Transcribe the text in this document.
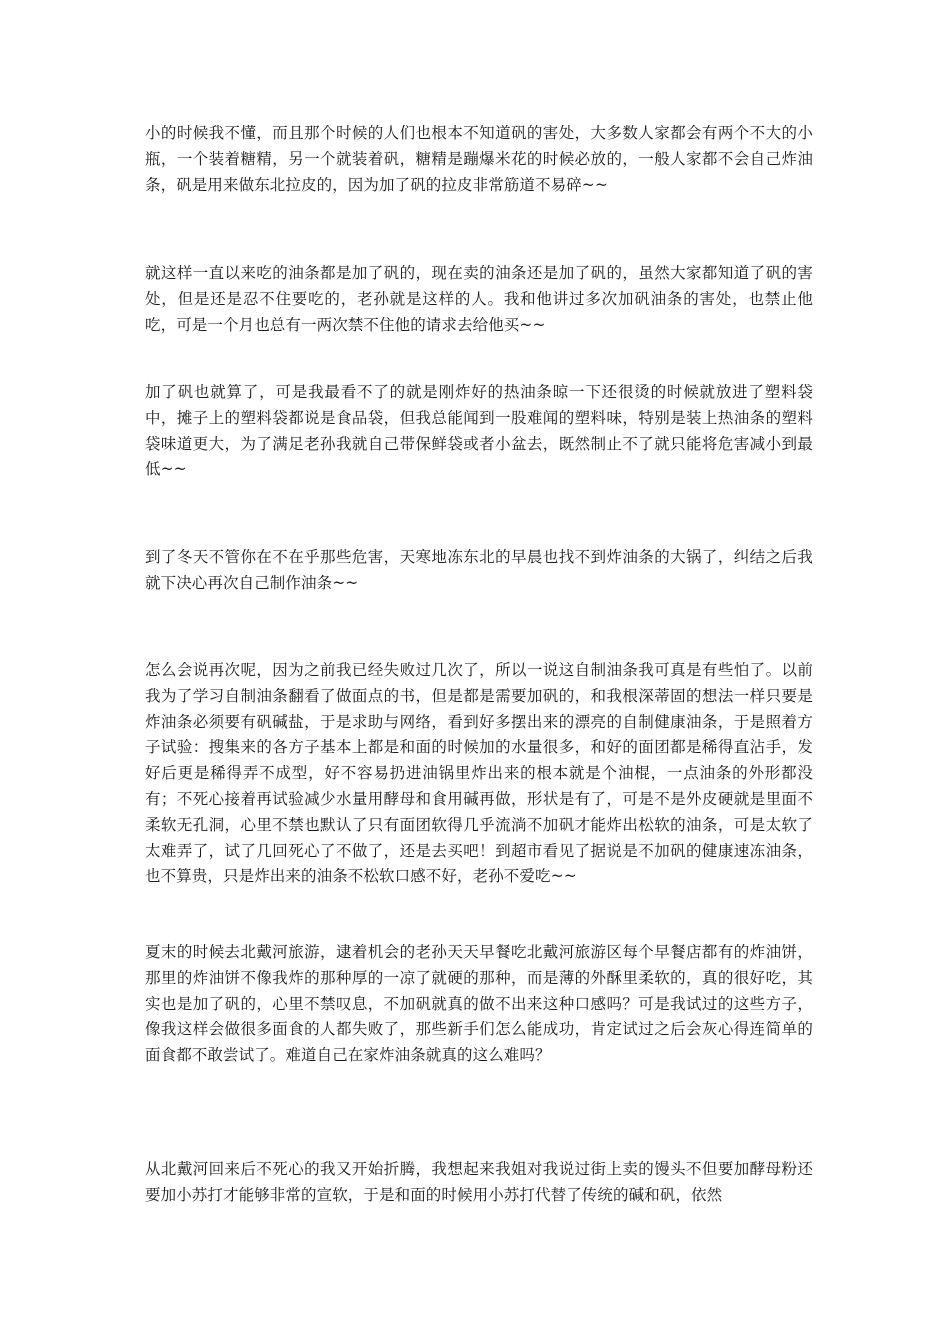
小的时候我不懂，而且那个时候的人们也根本不知道矾的害处，大多数人家都会有两个不大的小瓶，一个装着糖精，另一个就装着矾，糖精是蹦爆米花的时候必放的，一般人家都不会自己炸油条，矾是用来做东北拉皮的，因为加了矾的拉皮非常筋道不易碎~~

就这样一直以来吃的油条都是加了矾的，现在卖的油条还是加了矾的，虽然大家都知道了矾的害处，但是还是忍不住要吃的，老孙就是这样的人。我和他讲过多次加矾油条的害处，也禁止他吃，可是一个月也总有一两次禁不住他的请求去给他买~~

加了矾也就算了，可是我最看不了的就是刚炸好的热油条晾一下还很烫的时候就放进了塑料袋中，摊子上的塑料袋都说是食品袋，但我总能闻到一股难闻的塑料味，特别是装上热油条的塑料袋味道更大，为了满足老孙我就自己带保鲜袋或者小盆去，既然制止不了就只能将危害减小到最低~~

到了冬天不管你在不在乎那些危害，天寒地冻东北的早晨也找不到炸油条的大锅了，纠结之后我就下决心再次自己制作油条~~

怎么会说再次呢，因为之前我已经失败过几次了，所以一说这自制油条我可真是有些怕了。以前我为了学习自制油条翻看了做面点的书，但是都是需要加矾的，和我根深蒂固的想法一样只要是炸油条必须要有矾碱盐，于是求助与网络，看到好多摆出来的漂亮的自制健康油条，于是照着方子试验：搜集来的各方子基本上都是和面的时候加的水量很多，和好的面团都是稀得直沾手，发好后更是稀得弄不成型，好不容易扔进油锅里炸出来的根本就是个油棍，一点油条的外形都没有；不死心接着再试验减少水量用酵母和食用碱再做，形状是有了，可是不是外皮硬就是里面不柔软无孔洞，心里不禁也默认了只有面团软得几乎流淌不加矾才能炸出松软的油条，可是太软了太难弄了，试了几回死心了不做了，还是去买吧！到超市看见了据说是不加矾的健康速冻油条，也不算贵，只是炸出来的油条不松软口感不好，老孙不爱吃~~

夏末的时候去北戴河旅游，逮着机会的老孙天天早餐吃北戴河旅游区每个早餐店都有的炸油饼，那里的炸油饼不像我炸的那种厚的一凉了就硬的那种，而是薄的外酥里柔软的，真的很好吃，其实也是加了矾的，心里不禁叹息，不加矾就真的做不出来这种口感吗？可是我试过的这些方子，像我这样会做很多面食的人都失败了，那些新手们怎么能成功，肯定试过之后会灰心得连简单的面食都不敢尝试了。难道自己在家炸油条就真的这么难吗？

从北戴河回来后不死心的我又开始折腾，我想起来我姐对我说过街上卖的馒头不但要加酵母粉还要加小苏打才能够非常的宣软，于是和面的时候用小苏打代替了传统的碱和矾，依然
